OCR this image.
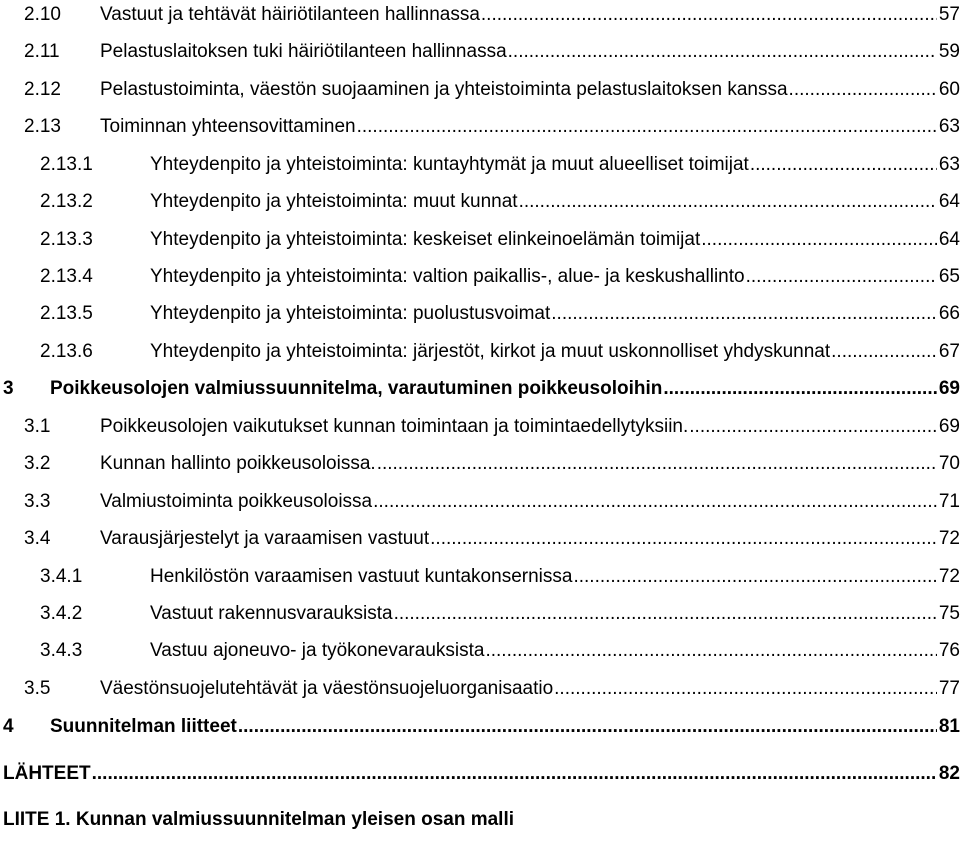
2.10 Vastuut ja tehtävät häiriötilanteen hallinnassa .....	57
2.11 Pelastuslaitoksen tuki häiriötilanteen hallinnassa .....	59
2.12 Pelastustoiminta, väestön suojaaminen ja yhteistoiminta pelastuslaitoksen kanssa .....	60
2.13 Toiminnan yhteensovittaminen .....	63
2.13.1	Yhteydenpito ja yhteistoiminta: kuntayhtymät ja muut alueelliset toimijat .....	63
2.13.2	Yhteydenpito ja yhteistoiminta: muut kunnat .....	64
2.13.3	Yhteydenpito ja yhteistoiminta: keskeiset elinkeinoelämän toimijat .....	64
2.13.4	Yhteydenpito ja yhteistoiminta: valtion paikallis-, alue- ja keskushallinto .....	65
2.13.5	Yhteydenpito ja yhteistoiminta: puolustusvoimat .....	66
2.13.6	Yhteydenpito ja yhteistoiminta: järjestöt, kirkot ja muut uskonnolliset yhdyskunnat .....	67
3 Poikkeusolojen valmiussuunnitelma, varautuminen poikkeusoloihin .....	69
3.1	Poikkeusolojen vaikutukset kunnan toimintaan ja toimintaedellytyksiin. .....	69
3.2	Kunnan hallinto poikkeusoloissa. .....	70
3.3	Valmiustoiminta poikkeusoloissa .....	71
3.4	Varausjärjestelyt ja varaamisen vastuut .....	72
3.4.1	Henkilöstön varaamisen vastuut kuntakonsernissa .....	72
3.4.2	Vastuut rakennusvarauksista .....	75
3.4.3	Vastuu ajoneuvo- ja työkonevarauksista .....	76
3.5	Väestönsuojelutehtävät ja väestönsuojeluorganisaatio .....	77
4 Suunnitelman liitteet .....	81
LÄHTEET .....	82
LIITE 1. Kunnan valmiussuunnitelman yleisen osan malli
